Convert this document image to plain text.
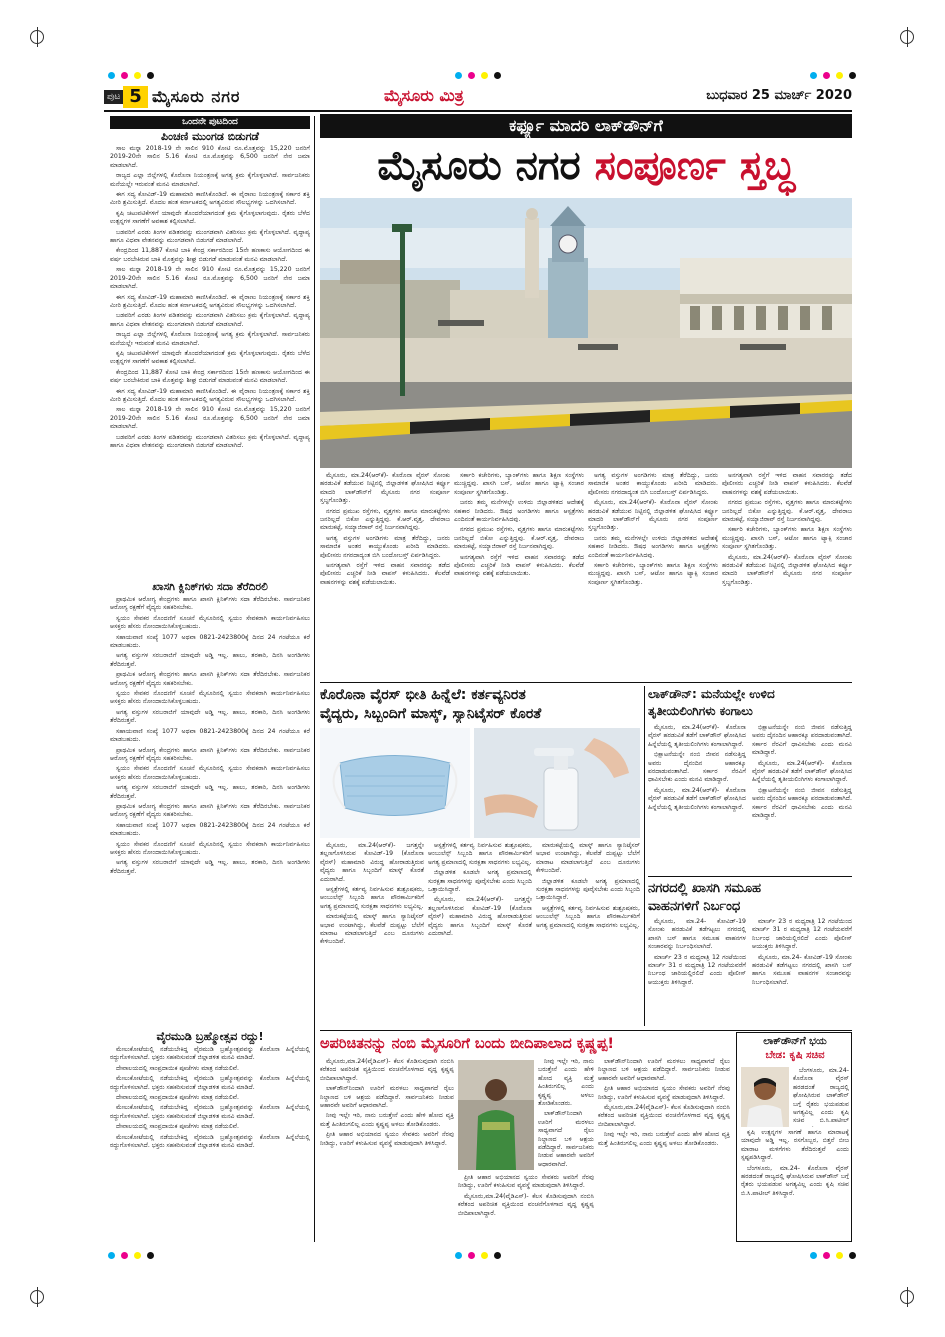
ಪುಟ 5 ಮೈಸೂರು ನಗರ	ಮೈಸೂರು ಮಿತ್ರ	ಬುಧವಾರ 25 ಮಾರ್ಚ್ 2020
ಒಂದನೇ ಪುಟದಿಂದ
ಪಿಂಚಣಿ ಮುಂಗಡ ಬಿಡುಗಡೆ

ಸಾಲ ಮನ್ನಾ 2018-19 ನೇ ಸಾಲಿನ 910 ಕೋಟಿ ರೂ.ಮೊತ್ತವನ್ನು 15,220 ಜನರಿಗೆ 2019-20ನೇ ಸಾಲಿನ 5.16 ಕೋಟಿ ರೂ.ಮೊತ್ತವನ್ನು 6,500 ಜನರಿಗೆ ನೇರ ಜಮಾ ಮಾಡಲಾಗಿದೆ.

ರಾಜ್ಯದ ಎಲ್ಲಾ ಜಿಲ್ಲೆಗಳಲ್ಲಿ ಕೊರೊನಾ ನಿಯಂತ್ರಣಕ್ಕೆ ಅಗತ್ಯ ಕ್ರಮ ಕೈಗೊಳ್ಳಲಾಗಿದೆ. ಸಾರ್ವಜನಿಕರು ಮನೆಯಲ್ಲೇ ಇರುವಂತೆ ಮನವಿ ಮಾಡಲಾಗಿದೆ.

ಈಗ ಸದ್ಯ ಕೋವಿಡ್-19 ಮಹಾಮಾರಿ ಕಾಣಿಸಿಕೊಂಡಿದೆ. ಈ ವೈರಾಣು ನಿಯಂತ್ರಣಕ್ಕೆ ಸರ್ಕಾರ ಶಕ್ತಿ ಮೀರಿ ಶ್ರಮಿಸುತ್ತಿದೆ. ಮೊದಲ ಹಂತ ಕರ್ನಾಟಕದಲ್ಲಿ ಅಗತ್ಯವಿರುವ ಸೌಲಭ್ಯಗಳನ್ನು ಒದಗಿಸಲಾಗಿದೆ.

ಕೃಷಿ ಚಟುವಟಿಕೆಗಳಿಗೆ ಯಾವುದೇ ತೊಂದರೆಯಾಗದಂತೆ ಕ್ರಮ ಕೈಗೊಳ್ಳಲಾಗುವುದು. ರೈತರು ಬೆಳೆದ ಉತ್ಪನ್ನಗಳ ಸಾಗಣೆಗೆ ಅವಕಾಶ ಕಲ್ಪಿಸಲಾಗಿದೆ.

ಬಡವರಿಗೆ ಎರಡು ತಿಂಗಳ ಪಡಿತರವನ್ನು ಮುಂಗಡವಾಗಿ ವಿತರಿಸಲು ಕ್ರಮ ಕೈಗೊಳ್ಳಲಾಗಿದೆ. ವೃದ್ಧಾಪ್ಯ ಹಾಗೂ ವಿಧವಾ ವೇತನವನ್ನು ಮುಂಗಡವಾಗಿ ಬಿಡುಗಡೆ ಮಾಡಲಾಗಿದೆ.

ಕೇಂದ್ರದಿಂದ 11,887 ಕೋಟಿ ಬಾಕಿ ಕೇಂದ್ರ ಸರ್ಕಾರದಿಂದ 15ನೇ ಹಣಕಾಸು ಆಯೋಗದಿಂದ ಈ ವರ್ಷ ಬರಬೇಕಿರುವ ಬಾಕಿ ಮೊತ್ತವನ್ನು ಶೀಘ್ರ ಬಿಡುಗಡೆ ಮಾಡುವಂತೆ ಮನವಿ ಮಾಡಲಾಗಿದೆ.

ಸಾಲ ಮನ್ನಾ 2018-19 ನೇ ಸಾಲಿನ 910 ಕೋಟಿ ರೂ.ಮೊತ್ತವನ್ನು 15,220 ಜನರಿಗೆ 2019-20ನೇ ಸಾಲಿನ 5.16 ಕೋಟಿ ರೂ.ಮೊತ್ತವನ್ನು 6,500 ಜನರಿಗೆ ನೇರ ಜಮಾ ಮಾಡಲಾಗಿದೆ.

ಈಗ ಸದ್ಯ ಕೋವಿಡ್-19 ಮಹಾಮಾರಿ ಕಾಣಿಸಿಕೊಂಡಿದೆ. ಈ ವೈರಾಣು ನಿಯಂತ್ರಣಕ್ಕೆ ಸರ್ಕಾರ ಶಕ್ತಿ ಮೀರಿ ಶ್ರಮಿಸುತ್ತಿದೆ. ಮೊದಲ ಹಂತ ಕರ್ನಾಟಕದಲ್ಲಿ ಅಗತ್ಯವಿರುವ ಸೌಲಭ್ಯಗಳನ್ನು ಒದಗಿಸಲಾಗಿದೆ.

ಬಡವರಿಗೆ ಎರಡು ತಿಂಗಳ ಪಡಿತರವನ್ನು ಮುಂಗಡವಾಗಿ ವಿತರಿಸಲು ಕ್ರಮ ಕೈಗೊಳ್ಳಲಾಗಿದೆ. ವೃದ್ಧಾಪ್ಯ ಹಾಗೂ ವಿಧವಾ ವೇತನವನ್ನು ಮುಂಗಡವಾಗಿ ಬಿಡುಗಡೆ ಮಾಡಲಾಗಿದೆ.

ರಾಜ್ಯದ ಎಲ್ಲಾ ಜಿಲ್ಲೆಗಳಲ್ಲಿ ಕೊರೊನಾ ನಿಯಂತ್ರಣಕ್ಕೆ ಅಗತ್ಯ ಕ್ರಮ ಕೈಗೊಳ್ಳಲಾಗಿದೆ. ಸಾರ್ವಜನಿಕರು ಮನೆಯಲ್ಲೇ ಇರುವಂತೆ ಮನವಿ ಮಾಡಲಾಗಿದೆ.

ಕೃಷಿ ಚಟುವಟಿಕೆಗಳಿಗೆ ಯಾವುದೇ ತೊಂದರೆಯಾಗದಂತೆ ಕ್ರಮ ಕೈಗೊಳ್ಳಲಾಗುವುದು. ರೈತರು ಬೆಳೆದ ಉತ್ಪನ್ನಗಳ ಸಾಗಣೆಗೆ ಅವಕಾಶ ಕಲ್ಪಿಸಲಾಗಿದೆ.

ಕೇಂದ್ರದಿಂದ 11,887 ಕೋಟಿ ಬಾಕಿ ಕೇಂದ್ರ ಸರ್ಕಾರದಿಂದ 15ನೇ ಹಣಕಾಸು ಆಯೋಗದಿಂದ ಈ ವರ್ಷ ಬರಬೇಕಿರುವ ಬಾಕಿ ಮೊತ್ತವನ್ನು ಶೀಘ್ರ ಬಿಡುಗಡೆ ಮಾಡುವಂತೆ ಮನವಿ ಮಾಡಲಾಗಿದೆ.

ಈಗ ಸದ್ಯ ಕೋವಿಡ್-19 ಮಹಾಮಾರಿ ಕಾಣಿಸಿಕೊಂಡಿದೆ. ಈ ವೈರಾಣು ನಿಯಂತ್ರಣಕ್ಕೆ ಸರ್ಕಾರ ಶಕ್ತಿ ಮೀರಿ ಶ್ರಮಿಸುತ್ತಿದೆ. ಮೊದಲ ಹಂತ ಕರ್ನಾಟಕದಲ್ಲಿ ಅಗತ್ಯವಿರುವ ಸೌಲಭ್ಯಗಳನ್ನು ಒದಗಿಸಲಾಗಿದೆ.

ಸಾಲ ಮನ್ನಾ 2018-19 ನೇ ಸಾಲಿನ 910 ಕೋಟಿ ರೂ.ಮೊತ್ತವನ್ನು 15,220 ಜನರಿಗೆ 2019-20ನೇ ಸಾಲಿನ 5.16 ಕೋಟಿ ರೂ.ಮೊತ್ತವನ್ನು 6,500 ಜನರಿಗೆ ನೇರ ಜಮಾ ಮಾಡಲಾಗಿದೆ.

ಬಡವರಿಗೆ ಎರಡು ತಿಂಗಳ ಪಡಿತರವನ್ನು ಮುಂಗಡವಾಗಿ ವಿತರಿಸಲು ಕ್ರಮ ಕೈಗೊಳ್ಳಲಾಗಿದೆ. ವೃದ್ಧಾಪ್ಯ ಹಾಗೂ ವಿಧವಾ ವೇತನವನ್ನು ಮುಂಗಡವಾಗಿ ಬಿಡುಗಡೆ ಮಾಡಲಾಗಿದೆ.

ಖಾಸಗಿ ಕ್ಲಿನಿಕ್‌ಗಳು ಸದಾ ತೆರೆದಿರಲಿ

ಪ್ರಾಥಮಿಕ ಆರೋಗ್ಯ ಕೇಂದ್ರಗಳು ಹಾಗೂ ಖಾಸಗಿ ಕ್ಲಿನಿಕ್‌ಗಳು ಸದಾ ತೆರೆದಿರಬೇಕು. ಸಾರ್ವಜನಿಕರ ಆರೋಗ್ಯ ರಕ್ಷಣೆಗೆ ವೈದ್ಯರು ಸಹಕರಿಸಬೇಕು.

ಸ್ವಯಂ ಸೇವಕರ ನೊಂದಣಿಗೆ ಸೂಚನೆ ಮೈಸೂರಿನಲ್ಲಿ ಸ್ವಯಂ ಸೇವಕರಾಗಿ ಕಾರ್ಯನಿರ್ವಹಿಸಲು ಆಸಕ್ತರು ಹೆಸರು ನೋಂದಾಯಿಸಿಕೊಳ್ಳಬಹುದು.

ಸಹಾಯವಾಣಿ ಸಂಖ್ಯೆ 1077 ಅಥವಾ 0821-2423800ಕ್ಕೆ ದಿನದ 24 ಗಂಟೆಯೂ ಕರೆ ಮಾಡಬಹುದು.

ಅಗತ್ಯ ವಸ್ತುಗಳ ಸರಬರಾಜಿಗೆ ಯಾವುದೇ ಅಡ್ಡಿ ಇಲ್ಲ. ಹಾಲು, ತರಕಾರಿ, ದಿನಸಿ ಅಂಗಡಿಗಳು ತೆರೆದಿರುತ್ತವೆ.

ಪ್ರಾಥಮಿಕ ಆರೋಗ್ಯ ಕೇಂದ್ರಗಳು ಹಾಗೂ ಖಾಸಗಿ ಕ್ಲಿನಿಕ್‌ಗಳು ಸದಾ ತೆರೆದಿರಬೇಕು. ಸಾರ್ವಜನಿಕರ ಆರೋಗ್ಯ ರಕ್ಷಣೆಗೆ ವೈದ್ಯರು ಸಹಕರಿಸಬೇಕು.

ಸ್ವಯಂ ಸೇವಕರ ನೊಂದಣಿಗೆ ಸೂಚನೆ ಮೈಸೂರಿನಲ್ಲಿ ಸ್ವಯಂ ಸೇವಕರಾಗಿ ಕಾರ್ಯನಿರ್ವಹಿಸಲು ಆಸಕ್ತರು ಹೆಸರು ನೋಂದಾಯಿಸಿಕೊಳ್ಳಬಹುದು.

ಅಗತ್ಯ ವಸ್ತುಗಳ ಸರಬರಾಜಿಗೆ ಯಾವುದೇ ಅಡ್ಡಿ ಇಲ್ಲ. ಹಾಲು, ತರಕಾರಿ, ದಿನಸಿ ಅಂಗಡಿಗಳು ತೆರೆದಿರುತ್ತವೆ.

ಸಹಾಯವಾಣಿ ಸಂಖ್ಯೆ 1077 ಅಥವಾ 0821-2423800ಕ್ಕೆ ದಿನದ 24 ಗಂಟೆಯೂ ಕರೆ ಮಾಡಬಹುದು.

ಪ್ರಾಥಮಿಕ ಆರೋಗ್ಯ ಕೇಂದ್ರಗಳು ಹಾಗೂ ಖಾಸಗಿ ಕ್ಲಿನಿಕ್‌ಗಳು ಸದಾ ತೆರೆದಿರಬೇಕು. ಸಾರ್ವಜನಿಕರ ಆರೋಗ್ಯ ರಕ್ಷಣೆಗೆ ವೈದ್ಯರು ಸಹಕರಿಸಬೇಕು.

ಸ್ವಯಂ ಸೇವಕರ ನೊಂದಣಿಗೆ ಸೂಚನೆ ಮೈಸೂರಿನಲ್ಲಿ ಸ್ವಯಂ ಸೇವಕರಾಗಿ ಕಾರ್ಯನಿರ್ವಹಿಸಲು ಆಸಕ್ತರು ಹೆಸರು ನೋಂದಾಯಿಸಿಕೊಳ್ಳಬಹುದು.

ಅಗತ್ಯ ವಸ್ತುಗಳ ಸರಬರಾಜಿಗೆ ಯಾವುದೇ ಅಡ್ಡಿ ಇಲ್ಲ. ಹಾಲು, ತರಕಾರಿ, ದಿನಸಿ ಅಂಗಡಿಗಳು ತೆರೆದಿರುತ್ತವೆ.

ಪ್ರಾಥಮಿಕ ಆರೋಗ್ಯ ಕೇಂದ್ರಗಳು ಹಾಗೂ ಖಾಸಗಿ ಕ್ಲಿನಿಕ್‌ಗಳು ಸದಾ ತೆರೆದಿರಬೇಕು. ಸಾರ್ವಜನಿಕರ ಆರೋಗ್ಯ ರಕ್ಷಣೆಗೆ ವೈದ್ಯರು ಸಹಕರಿಸಬೇಕು.

ಸಹಾಯವಾಣಿ ಸಂಖ್ಯೆ 1077 ಅಥವಾ 0821-2423800ಕ್ಕೆ ದಿನದ 24 ಗಂಟೆಯೂ ಕರೆ ಮಾಡಬಹುದು.

ಸ್ವಯಂ ಸೇವಕರ ನೊಂದಣಿಗೆ ಸೂಚನೆ ಮೈಸೂರಿನಲ್ಲಿ ಸ್ವಯಂ ಸೇವಕರಾಗಿ ಕಾರ್ಯನಿರ್ವಹಿಸಲು ಆಸಕ್ತರು ಹೆಸರು ನೋಂದಾಯಿಸಿಕೊಳ್ಳಬಹುದು.

ಅಗತ್ಯ ವಸ್ತುಗಳ ಸರಬರಾಜಿಗೆ ಯಾವುದೇ ಅಡ್ಡಿ ಇಲ್ಲ. ಹಾಲು, ತರಕಾರಿ, ದಿನಸಿ ಅಂಗಡಿಗಳು ತೆರೆದಿರುತ್ತವೆ.

ವೈರಮುಡಿ ಬ್ರಹ್ಮೋತ್ಸವ ರದ್ದು!

ಮೇಲುಕೋಟೆಯಲ್ಲಿ ನಡೆಯಬೇಕಿದ್ದ ವೈರಮುಡಿ ಬ್ರಹ್ಮೋತ್ಸವವನ್ನು ಕೊರೊನಾ ಹಿನ್ನೆಲೆಯಲ್ಲಿ ರದ್ದುಗೊಳಿಸಲಾಗಿದೆ. ಭಕ್ತರು ಸಹಕರಿಸುವಂತೆ ಜಿಲ್ಲಾಡಳಿತ ಮನವಿ ಮಾಡಿದೆ.

ದೇವಾಲಯದಲ್ಲಿ ಸಾಂಪ್ರದಾಯಿಕ ಪೂಜೆಗಳು ಮಾತ್ರ ನಡೆಯಲಿವೆ.

ಮೇಲುಕೋಟೆಯಲ್ಲಿ ನಡೆಯಬೇಕಿದ್ದ ವೈರಮುಡಿ ಬ್ರಹ್ಮೋತ್ಸವವನ್ನು ಕೊರೊನಾ ಹಿನ್ನೆಲೆಯಲ್ಲಿ ರದ್ದುಗೊಳಿಸಲಾಗಿದೆ. ಭಕ್ತರು ಸಹಕರಿಸುವಂತೆ ಜಿಲ್ಲಾಡಳಿತ ಮನವಿ ಮಾಡಿದೆ.

ದೇವಾಲಯದಲ್ಲಿ ಸಾಂಪ್ರದಾಯಿಕ ಪೂಜೆಗಳು ಮಾತ್ರ ನಡೆಯಲಿವೆ.

ಮೇಲುಕೋಟೆಯಲ್ಲಿ ನಡೆಯಬೇಕಿದ್ದ ವೈರಮುಡಿ ಬ್ರಹ್ಮೋತ್ಸವವನ್ನು ಕೊರೊನಾ ಹಿನ್ನೆಲೆಯಲ್ಲಿ ರದ್ದುಗೊಳಿಸಲಾಗಿದೆ. ಭಕ್ತರು ಸಹಕರಿಸುವಂತೆ ಜಿಲ್ಲಾಡಳಿತ ಮನವಿ ಮಾಡಿದೆ.

ದೇವಾಲಯದಲ್ಲಿ ಸಾಂಪ್ರದಾಯಿಕ ಪೂಜೆಗಳು ಮಾತ್ರ ನಡೆಯಲಿವೆ.

ಮೇಲುಕೋಟೆಯಲ್ಲಿ ನಡೆಯಬೇಕಿದ್ದ ವೈರಮುಡಿ ಬ್ರಹ್ಮೋತ್ಸವವನ್ನು ಕೊರೊನಾ ಹಿನ್ನೆಲೆಯಲ್ಲಿ ರದ್ದುಗೊಳಿಸಲಾಗಿದೆ. ಭಕ್ತರು ಸಹಕರಿಸುವಂತೆ ಜಿಲ್ಲಾಡಳಿತ ಮನವಿ ಮಾಡಿದೆ.

ಕರ್ಫ್ಯೂ ಮಾದರಿ ಲಾಕ್‌ಡೌನ್‌ಗೆ
ಮೈಸೂರು ನಗರ ಸಂಪೂರ್ಣ ಸ್ತಬ್ಧ

ಮೈಸೂರು, ಮಾ.24(ಆರ್‌ಕೆ)- ಕೊರೊನಾ ವೈರಸ್ ಸೋಂಕು ಹರಡುವಿಕೆ ತಡೆಯುವ ನಿಟ್ಟಿನಲ್ಲಿ ಜಿಲ್ಲಾಡಳಿತ ಘೋಷಿಸಿದ ಕರ್ಫ್ಯೂ ಮಾದರಿ ಲಾಕ್‌ಡೌನ್‌ಗೆ ಮೈಸೂರು ನಗರ ಸಂಪೂರ್ಣ ಸ್ತಬ್ಧಗೊಂಡಿತ್ತು.

ನಗರದ ಪ್ರಮುಖ ರಸ್ತೆಗಳು, ವೃತ್ತಗಳು ಹಾಗೂ ಮಾರುಕಟ್ಟೆಗಳು ಜನರಿಲ್ಲದೆ ಬಿಕೋ ಎನ್ನುತ್ತಿದ್ದವು. ಕೆ.ಆರ್.ವೃತ್ತ, ದೇವರಾಜ ಮಾರುಕಟ್ಟೆ, ಸಯ್ಯಾಜಿರಾವ್ ರಸ್ತೆ ನಿರ್ಜನವಾಗಿದ್ದವು.

ಅಗತ್ಯ ವಸ್ತುಗಳ ಅಂಗಡಿಗಳು ಮಾತ್ರ ತೆರೆದಿದ್ದು, ಜನರು ಸಾಮಾಜಿಕ ಅಂತರ ಕಾಯ್ದುಕೊಂಡು ಖರೀದಿ ಮಾಡಿದರು. ಪೊಲೀಸರು ನಗರದಾದ್ಯಂತ ಬಿಗಿ ಬಂದೋಬಸ್ತ್ ಏರ್ಪಡಿಸಿದ್ದರು.

ಅನಗತ್ಯವಾಗಿ ರಸ್ತೆಗೆ ಇಳಿದ ವಾಹನ ಸವಾರರನ್ನು ತಡೆದ ಪೊಲೀಸರು ಎಚ್ಚರಿಕೆ ನೀಡಿ ವಾಪಸ್ ಕಳುಹಿಸಿದರು. ಕೆಲವೆಡೆ ವಾಹನಗಳನ್ನು ವಶಕ್ಕೆ ಪಡೆಯಲಾಯಿತು.

ಸರ್ಕಾರಿ ಕಚೇರಿಗಳು, ಬ್ಯಾಂಕ್‌ಗಳು ಹಾಗೂ ಶಿಕ್ಷಣ ಸಂಸ್ಥೆಗಳು ಮುಚ್ಚಿದ್ದವು. ಖಾಸಗಿ ಬಸ್, ಆಟೋ ಹಾಗೂ ಟ್ಯಾಕ್ಸಿ ಸಂಚಾರ ಸಂಪೂರ್ಣ ಸ್ಥಗಿತಗೊಂಡಿತ್ತು.

ಜನರು ತಮ್ಮ ಮನೆಗಳಲ್ಲೇ ಉಳಿದು ಜಿಲ್ಲಾಡಳಿತದ ಆದೇಶಕ್ಕೆ ಸಹಕಾರ ನೀಡಿದರು. ಔಷಧ ಅಂಗಡಿಗಳು ಹಾಗೂ ಆಸ್ಪತ್ರೆಗಳು ಎಂದಿನಂತೆ ಕಾರ್ಯನಿರ್ವಹಿಸಿದವು.

ನಗರದ ಪ್ರಮುಖ ರಸ್ತೆಗಳು, ವೃತ್ತಗಳು ಹಾಗೂ ಮಾರುಕಟ್ಟೆಗಳು ಜನರಿಲ್ಲದೆ ಬಿಕೋ ಎನ್ನುತ್ತಿದ್ದವು. ಕೆ.ಆರ್.ವೃತ್ತ, ದೇವರಾಜ ಮಾರುಕಟ್ಟೆ, ಸಯ್ಯಾಜಿರಾವ್ ರಸ್ತೆ ನಿರ್ಜನವಾಗಿದ್ದವು.

ಅನಗತ್ಯವಾಗಿ ರಸ್ತೆಗೆ ಇಳಿದ ವಾಹನ ಸವಾರರನ್ನು ತಡೆದ ಪೊಲೀಸರು ಎಚ್ಚರಿಕೆ ನೀಡಿ ವಾಪಸ್ ಕಳುಹಿಸಿದರು. ಕೆಲವೆಡೆ ವಾಹನಗಳನ್ನು ವಶಕ್ಕೆ ಪಡೆಯಲಾಯಿತು.

ಅಗತ್ಯ ವಸ್ತುಗಳ ಅಂಗಡಿಗಳು ಮಾತ್ರ ತೆರೆದಿದ್ದು, ಜನರು ಸಾಮಾಜಿಕ ಅಂತರ ಕಾಯ್ದುಕೊಂಡು ಖರೀದಿ ಮಾಡಿದರು. ಪೊಲೀಸರು ನಗರದಾದ್ಯಂತ ಬಿಗಿ ಬಂದೋಬಸ್ತ್ ಏರ್ಪಡಿಸಿದ್ದರು.

ಮೈಸೂರು, ಮಾ.24(ಆರ್‌ಕೆ)- ಕೊರೊನಾ ವೈರಸ್ ಸೋಂಕು ಹರಡುವಿಕೆ ತಡೆಯುವ ನಿಟ್ಟಿನಲ್ಲಿ ಜಿಲ್ಲಾಡಳಿತ ಘೋಷಿಸಿದ ಕರ್ಫ್ಯೂ ಮಾದರಿ ಲಾಕ್‌ಡೌನ್‌ಗೆ ಮೈಸೂರು ನಗರ ಸಂಪೂರ್ಣ ಸ್ತಬ್ಧಗೊಂಡಿತ್ತು.

ಜನರು ತಮ್ಮ ಮನೆಗಳಲ್ಲೇ ಉಳಿದು ಜಿಲ್ಲಾಡಳಿತದ ಆದೇಶಕ್ಕೆ ಸಹಕಾರ ನೀಡಿದರು. ಔಷಧ ಅಂಗಡಿಗಳು ಹಾಗೂ ಆಸ್ಪತ್ರೆಗಳು ಎಂದಿನಂತೆ ಕಾರ್ಯನಿರ್ವಹಿಸಿದವು.

ಸರ್ಕಾರಿ ಕಚೇರಿಗಳು, ಬ್ಯಾಂಕ್‌ಗಳು ಹಾಗೂ ಶಿಕ್ಷಣ ಸಂಸ್ಥೆಗಳು ಮುಚ್ಚಿದ್ದವು. ಖಾಸಗಿ ಬಸ್, ಆಟೋ ಹಾಗೂ ಟ್ಯಾಕ್ಸಿ ಸಂಚಾರ ಸಂಪೂರ್ಣ ಸ್ಥಗಿತಗೊಂಡಿತ್ತು.

ಅನಗತ್ಯವಾಗಿ ರಸ್ತೆಗೆ ಇಳಿದ ವಾಹನ ಸವಾರರನ್ನು ತಡೆದ ಪೊಲೀಸರು ಎಚ್ಚರಿಕೆ ನೀಡಿ ವಾಪಸ್ ಕಳುಹಿಸಿದರು. ಕೆಲವೆಡೆ ವಾಹನಗಳನ್ನು ವಶಕ್ಕೆ ಪಡೆಯಲಾಯಿತು.

ನಗರದ ಪ್ರಮುಖ ರಸ್ತೆಗಳು, ವೃತ್ತಗಳು ಹಾಗೂ ಮಾರುಕಟ್ಟೆಗಳು ಜನರಿಲ್ಲದೆ ಬಿಕೋ ಎನ್ನುತ್ತಿದ್ದವು. ಕೆ.ಆರ್.ವೃತ್ತ, ದೇವರಾಜ ಮಾರುಕಟ್ಟೆ, ಸಯ್ಯಾಜಿರಾವ್ ರಸ್ತೆ ನಿರ್ಜನವಾಗಿದ್ದವು.

ಸರ್ಕಾರಿ ಕಚೇರಿಗಳು, ಬ್ಯಾಂಕ್‌ಗಳು ಹಾಗೂ ಶಿಕ್ಷಣ ಸಂಸ್ಥೆಗಳು ಮುಚ್ಚಿದ್ದವು. ಖಾಸಗಿ ಬಸ್, ಆಟೋ ಹಾಗೂ ಟ್ಯಾಕ್ಸಿ ಸಂಚಾರ ಸಂಪೂರ್ಣ ಸ್ಥಗಿತಗೊಂಡಿತ್ತು.

ಮೈಸೂರು, ಮಾ.24(ಆರ್‌ಕೆ)- ಕೊರೊನಾ ವೈರಸ್ ಸೋಂಕು ಹರಡುವಿಕೆ ತಡೆಯುವ ನಿಟ್ಟಿನಲ್ಲಿ ಜಿಲ್ಲಾಡಳಿತ ಘೋಷಿಸಿದ ಕರ್ಫ್ಯೂ ಮಾದರಿ ಲಾಕ್‌ಡೌನ್‌ಗೆ ಮೈಸೂರು ನಗರ ಸಂಪೂರ್ಣ ಸ್ತಬ್ಧಗೊಂಡಿತ್ತು.

ಕೊರೊನಾ ವೈರಸ್ ಭೀತಿ ಹಿನ್ನೆಲೆ: ಕರ್ತವ್ಯನಿರತ
ವೈದ್ಯರು, ಸಿಬ್ಬಂದಿಗೆ ಮಾಸ್ಕ್, ಸ್ಯಾನಿಟೈಸರ್ ಕೊರತೆ

ಮೈಸೂರು, ಮಾ.24(ಆರ್‌ಕೆ)- ಜಗತ್ತನ್ನೇ ತಲ್ಲಣಗೊಳಿಸಿರುವ ಕೋವಿಡ್-19 (ಕೊರೊನಾ ವೈರಸ್) ಮಹಾಮಾರಿ ವಿರುದ್ಧ ಹೋರಾಡುತ್ತಿರುವ ವೈದ್ಯರು ಹಾಗೂ ಸಿಬ್ಬಂದಿಗೆ ಮಾಸ್ಕ್ ಕೊರತೆ ಎದುರಾಗಿದೆ.

ಆಸ್ಪತ್ರೆಗಳಲ್ಲಿ ಕರ್ತವ್ಯ ನಿರ್ವಹಿಸುವ ಶುಶ್ರೂಷಕರು, ಆಂಬುಲೆನ್ಸ್ ಸಿಬ್ಬಂದಿ ಹಾಗೂ ಪೌರಕಾರ್ಮಿಕರಿಗೆ ಅಗತ್ಯ ಪ್ರಮಾಣದಲ್ಲಿ ಸುರಕ್ಷತಾ ಸಾಧನಗಳು ಲಭ್ಯವಿಲ್ಲ.

ಮಾರುಕಟ್ಟೆಯಲ್ಲಿ ಮಾಸ್ಕ್ ಹಾಗೂ ಸ್ಯಾನಿಟೈಸರ್ ಅಭಾವ ಉಂಟಾಗಿದ್ದು, ಕೆಲವೆಡೆ ದುಪ್ಪಟ್ಟು ಬೆಲೆಗೆ ಮಾರಾಟ ಮಾಡಲಾಗುತ್ತಿದೆ ಎಂಬ ದೂರುಗಳು ಕೇಳಿಬಂದಿವೆ.

ಆಸ್ಪತ್ರೆಗಳಲ್ಲಿ ಕರ್ತವ್ಯ ನಿರ್ವಹಿಸುವ ಶುಶ್ರೂಷಕರು, ಆಂಬುಲೆನ್ಸ್ ಸಿಬ್ಬಂದಿ ಹಾಗೂ ಪೌರಕಾರ್ಮಿಕರಿಗೆ ಅಗತ್ಯ ಪ್ರಮಾಣದಲ್ಲಿ ಸುರಕ್ಷತಾ ಸಾಧನಗಳು ಲಭ್ಯವಿಲ್ಲ.

ಜಿಲ್ಲಾಡಳಿತ ಕೂಡಲೇ ಅಗತ್ಯ ಪ್ರಮಾಣದಲ್ಲಿ ಸುರಕ್ಷತಾ ಸಾಧನಗಳನ್ನು ಪೂರೈಸಬೇಕು ಎಂದು ಸಿಬ್ಬಂದಿ ಒತ್ತಾಯಿಸಿದ್ದಾರೆ.

ಮೈಸೂರು, ಮಾ.24(ಆರ್‌ಕೆ)- ಜಗತ್ತನ್ನೇ ತಲ್ಲಣಗೊಳಿಸಿರುವ ಕೋವಿಡ್-19 (ಕೊರೊನಾ ವೈರಸ್) ಮಹಾಮಾರಿ ವಿರುದ್ಧ ಹೋರಾಡುತ್ತಿರುವ ವೈದ್ಯರು ಹಾಗೂ ಸಿಬ್ಬಂದಿಗೆ ಮಾಸ್ಕ್ ಕೊರತೆ ಎದುರಾಗಿದೆ.

ಮಾರುಕಟ್ಟೆಯಲ್ಲಿ ಮಾಸ್ಕ್ ಹಾಗೂ ಸ್ಯಾನಿಟೈಸರ್ ಅಭಾವ ಉಂಟಾಗಿದ್ದು, ಕೆಲವೆಡೆ ದುಪ್ಪಟ್ಟು ಬೆಲೆಗೆ ಮಾರಾಟ ಮಾಡಲಾಗುತ್ತಿದೆ ಎಂಬ ದೂರುಗಳು ಕೇಳಿಬಂದಿವೆ.

ಜಿಲ್ಲಾಡಳಿತ ಕೂಡಲೇ ಅಗತ್ಯ ಪ್ರಮಾಣದಲ್ಲಿ ಸುರಕ್ಷತಾ ಸಾಧನಗಳನ್ನು ಪೂರೈಸಬೇಕು ಎಂದು ಸಿಬ್ಬಂದಿ ಒತ್ತಾಯಿಸಿದ್ದಾರೆ.

ಆಸ್ಪತ್ರೆಗಳಲ್ಲಿ ಕರ್ತವ್ಯ ನಿರ್ವಹಿಸುವ ಶುಶ್ರೂಷಕರು, ಆಂಬುಲೆನ್ಸ್ ಸಿಬ್ಬಂದಿ ಹಾಗೂ ಪೌರಕಾರ್ಮಿಕರಿಗೆ ಅಗತ್ಯ ಪ್ರಮಾಣದಲ್ಲಿ ಸುರಕ್ಷತಾ ಸಾಧನಗಳು ಲಭ್ಯವಿಲ್ಲ.

ಲಾಕ್‌ಡೌನ್: ಮನೆಯಲ್ಲೇ ಉಳಿದ
ತೃತೀಯಲಿಂಗಿಗಳು ಕಂಗಾಲು

ಮೈಸೂರು, ಮಾ.24(ಆರ್‌ಕೆ)- ಕೊರೊನಾ ವೈರಸ್ ಹರಡುವಿಕೆ ತಡೆಗೆ ಲಾಕ್‌ಡೌನ್ ಘೋಷಿಸಿದ ಹಿನ್ನೆಲೆಯಲ್ಲಿ ತೃತೀಯಲಿಂಗಿಗಳು ಕಂಗಾಲಾಗಿದ್ದಾರೆ.

ಭಿಕ್ಷಾಟನೆಯನ್ನೇ ನಂಬಿ ಜೀವನ ನಡೆಸುತ್ತಿದ್ದ ಅವರು ದೈನಂದಿನ ಆಹಾರಕ್ಕೂ ಪರದಾಡುವಂತಾಗಿದೆ. ಸರ್ಕಾರ ನೆರವಿಗೆ ಧಾವಿಸಬೇಕು ಎಂದು ಮನವಿ ಮಾಡಿದ್ದಾರೆ.

ಮೈಸೂರು, ಮಾ.24(ಆರ್‌ಕೆ)- ಕೊರೊನಾ ವೈರಸ್ ಹರಡುವಿಕೆ ತಡೆಗೆ ಲಾಕ್‌ಡೌನ್ ಘೋಷಿಸಿದ ಹಿನ್ನೆಲೆಯಲ್ಲಿ ತೃತೀಯಲಿಂಗಿಗಳು ಕಂಗಾಲಾಗಿದ್ದಾರೆ.

ಭಿಕ್ಷಾಟನೆಯನ್ನೇ ನಂಬಿ ಜೀವನ ನಡೆಸುತ್ತಿದ್ದ ಅವರು ದೈನಂದಿನ ಆಹಾರಕ್ಕೂ ಪರದಾಡುವಂತಾಗಿದೆ. ಸರ್ಕಾರ ನೆರವಿಗೆ ಧಾವಿಸಬೇಕು ಎಂದು ಮನವಿ ಮಾಡಿದ್ದಾರೆ.

ಮೈಸೂರು, ಮಾ.24(ಆರ್‌ಕೆ)- ಕೊರೊನಾ ವೈರಸ್ ಹರಡುವಿಕೆ ತಡೆಗೆ ಲಾಕ್‌ಡೌನ್ ಘೋಷಿಸಿದ ಹಿನ್ನೆಲೆಯಲ್ಲಿ ತೃತೀಯಲಿಂಗಿಗಳು ಕಂಗಾಲಾಗಿದ್ದಾರೆ.

ಭಿಕ್ಷಾಟನೆಯನ್ನೇ ನಂಬಿ ಜೀವನ ನಡೆಸುತ್ತಿದ್ದ ಅವರು ದೈನಂದಿನ ಆಹಾರಕ್ಕೂ ಪರದಾಡುವಂತಾಗಿದೆ. ಸರ್ಕಾರ ನೆರವಿಗೆ ಧಾವಿಸಬೇಕು ಎಂದು ಮನವಿ ಮಾಡಿದ್ದಾರೆ.

ನಗರದಲ್ಲಿ ಖಾಸಗಿ ಸಮೂಹ
ವಾಹನಗಳಿಗೆ ನಿರ್ಬಂಧ

ಮೈಸೂರು, ಮಾ.24- ಕೋವಿಡ್-19 ಸೋಂಕು ಹರಡುವಿಕೆ ತಡೆಗಟ್ಟಲು ನಗರದಲ್ಲಿ ಖಾಸಗಿ ಬಸ್ ಹಾಗೂ ಸಮೂಹ ವಾಹನಗಳ ಸಂಚಾರವನ್ನು ನಿರ್ಬಂಧಿಸಲಾಗಿದೆ.

ಮಾರ್ಚ್ 23 ರ ಮಧ್ಯರಾತ್ರಿ 12 ಗಂಟೆಯಿಂದ ಮಾರ್ಚ್ 31 ರ ಮಧ್ಯರಾತ್ರಿ 12 ಗಂಟೆಯವರೆಗೆ ನಿರ್ಬಂಧ ಜಾರಿಯಲ್ಲಿರಲಿದೆ ಎಂದು ಪೊಲೀಸ್ ಆಯುಕ್ತರು ತಿಳಿಸಿದ್ದಾರೆ.

ಮಾರ್ಚ್ 23 ರ ಮಧ್ಯರಾತ್ರಿ 12 ಗಂಟೆಯಿಂದ ಮಾರ್ಚ್ 31 ರ ಮಧ್ಯರಾತ್ರಿ 12 ಗಂಟೆಯವರೆಗೆ ನಿರ್ಬಂಧ ಜಾರಿಯಲ್ಲಿರಲಿದೆ ಎಂದು ಪೊಲೀಸ್ ಆಯುಕ್ತರು ತಿಳಿಸಿದ್ದಾರೆ.

ಮೈಸೂರು, ಮಾ.24- ಕೋವಿಡ್-19 ಸೋಂಕು ಹರಡುವಿಕೆ ತಡೆಗಟ್ಟಲು ನಗರದಲ್ಲಿ ಖಾಸಗಿ ಬಸ್ ಹಾಗೂ ಸಮೂಹ ವಾಹನಗಳ ಸಂಚಾರವನ್ನು ನಿರ್ಬಂಧಿಸಲಾಗಿದೆ.

ಅಪರಿಚಿತನನ್ನು ನಂಬಿ ಮೈಸೂರಿಗೆ ಬಂದು ಬೀದಿಪಾಲಾದ ಕೃಷ್ಣಪ್ಪ!

ಮೈಸೂರು,ಮಾ.24(ವೈಡಿಎಸ್)- ಕೆಲಸ ಕೊಡಿಸುವುದಾಗಿ ನಂಬಿಸಿ ಕರೆತಂದ ಅಪರಿಚಿತ ವ್ಯಕ್ತಿಯಿಂದ ವಂಚನೆಗೊಳಗಾದ ವೃದ್ಧ ಕೃಷ್ಣಪ್ಪ ಬೀದಿಪಾಲಾಗಿದ್ದಾರೆ.

ಲಾಕ್‌ಡೌನ್‌ನಿಂದಾಗಿ ಊರಿಗೆ ಮರಳಲು ಸಾಧ್ಯವಾಗದೆ ರೈಲು ನಿಲ್ದಾಣದ ಬಳಿ ಆಶ್ರಯ ಪಡೆದಿದ್ದಾರೆ. ಸಾರ್ವಜನಿಕರು ನೀಡುವ ಆಹಾರವೇ ಅವರಿಗೆ ಆಧಾರವಾಗಿದೆ.

ನೀವು ಇಲ್ಲೇ ಇರಿ, ನಾನು ಬರುತ್ತೇನೆ ಎಂದು ಹೇಳಿ ಹೋದ ವ್ಯಕ್ತಿ ಮತ್ತೆ ಹಿಂತಿರುಗಲಿಲ್ಲ ಎಂದು ಕೃಷ್ಣಪ್ಪ ಅಳಲು ತೋಡಿಕೊಂಡರು.

ಪ್ರೀತಿ ಆಹಾರ ಅಭಿಯಾನದ ಸ್ವಯಂ ಸೇವಕರು ಅವರಿಗೆ ನೆರವು ನೀಡಿದ್ದು, ಊರಿಗೆ ಕಳುಹಿಸುವ ವ್ಯವಸ್ಥೆ ಮಾಡುವುದಾಗಿ ತಿಳಿಸಿದ್ದಾರೆ.

ನೀವು ಇಲ್ಲೇ ಇರಿ, ನಾನು ಬರುತ್ತೇನೆ ಎಂದು ಹೇಳಿ ಹೋದ ವ್ಯಕ್ತಿ ಮತ್ತೆ ಹಿಂತಿರುಗಲಿಲ್ಲ ಎಂದು ಕೃಷ್ಣಪ್ಪ ಅಳಲು ತೋಡಿಕೊಂಡರು.

ಲಾಕ್‌ಡೌನ್‌ನಿಂದಾಗಿ ಊರಿಗೆ ಮರಳಲು ಸಾಧ್ಯವಾಗದೆ ರೈಲು ನಿಲ್ದಾಣದ ಬಳಿ ಆಶ್ರಯ ಪಡೆದಿದ್ದಾರೆ. ಸಾರ್ವಜನಿಕರು ನೀಡುವ ಆಹಾರವೇ ಅವರಿಗೆ ಆಧಾರವಾಗಿದೆ.

ಪ್ರೀತಿ ಆಹಾರ ಅಭಿಯಾನದ ಸ್ವಯಂ ಸೇವಕರು ಅವರಿಗೆ ನೆರವು ನೀಡಿದ್ದು, ಊರಿಗೆ ಕಳುಹಿಸುವ ವ್ಯವಸ್ಥೆ ಮಾಡುವುದಾಗಿ ತಿಳಿಸಿದ್ದಾರೆ.

ಮೈಸೂರು,ಮಾ.24(ವೈಡಿಎಸ್)- ಕೆಲಸ ಕೊಡಿಸುವುದಾಗಿ ನಂಬಿಸಿ ಕರೆತಂದ ಅಪರಿಚಿತ ವ್ಯಕ್ತಿಯಿಂದ ವಂಚನೆಗೊಳಗಾದ ವೃದ್ಧ ಕೃಷ್ಣಪ್ಪ ಬೀದಿಪಾಲಾಗಿದ್ದಾರೆ.

ಲಾಕ್‌ಡೌನ್‌ನಿಂದಾಗಿ ಊರಿಗೆ ಮರಳಲು ಸಾಧ್ಯವಾಗದೆ ರೈಲು ನಿಲ್ದಾಣದ ಬಳಿ ಆಶ್ರಯ ಪಡೆದಿದ್ದಾರೆ. ಸಾರ್ವಜನಿಕರು ನೀಡುವ ಆಹಾರವೇ ಅವರಿಗೆ ಆಧಾರವಾಗಿದೆ.

ಪ್ರೀತಿ ಆಹಾರ ಅಭಿಯಾನದ ಸ್ವಯಂ ಸೇವಕರು ಅವರಿಗೆ ನೆರವು ನೀಡಿದ್ದು, ಊರಿಗೆ ಕಳುಹಿಸುವ ವ್ಯವಸ್ಥೆ ಮಾಡುವುದಾಗಿ ತಿಳಿಸಿದ್ದಾರೆ.

ಮೈಸೂರು,ಮಾ.24(ವೈಡಿಎಸ್)- ಕೆಲಸ ಕೊಡಿಸುವುದಾಗಿ ನಂಬಿಸಿ ಕರೆತಂದ ಅಪರಿಚಿತ ವ್ಯಕ್ತಿಯಿಂದ ವಂಚನೆಗೊಳಗಾದ ವೃದ್ಧ ಕೃಷ್ಣಪ್ಪ ಬೀದಿಪಾಲಾಗಿದ್ದಾರೆ.

ನೀವು ಇಲ್ಲೇ ಇರಿ, ನಾನು ಬರುತ್ತೇನೆ ಎಂದು ಹೇಳಿ ಹೋದ ವ್ಯಕ್ತಿ ಮತ್ತೆ ಹಿಂತಿರುಗಲಿಲ್ಲ ಎಂದು ಕೃಷ್ಣಪ್ಪ ಅಳಲು ತೋಡಿಕೊಂಡರು.

ಲಾಕ್‌ಡೌನ್‌ಗೆ ಭಯ
ಬೇಡ: ಕೃಷಿ ಸಚಿವ

ಬೆಂಗಳೂರು, ಮಾ.24- ಕೊರೊನಾ ವೈರಸ್ ಹರಡದಂತೆ ರಾಜ್ಯದಲ್ಲಿ ಘೋಷಿಸಿರುವ ಲಾಕ್‌ಡೌನ್ ಬಗ್ಗೆ ರೈತರು ಭಯಪಡುವ ಅಗತ್ಯವಿಲ್ಲ ಎಂದು ಕೃಷಿ ಸಚಿವ ಬಿ.ಸಿ.ಪಾಟೀಲ್

ಕೃಷಿ ಉತ್ಪನ್ನಗಳ ಸಾಗಣೆ ಹಾಗೂ ಮಾರಾಟಕ್ಕೆ ಯಾವುದೇ ಅಡ್ಡಿ ಇಲ್ಲ. ರಸಗೊಬ್ಬರ, ಬಿತ್ತನೆ ಬೀಜ ಮಾರಾಟ ಮಳಿಗೆಗಳು ತೆರೆದಿರುತ್ತವೆ ಎಂದು ಸ್ಪಷ್ಟಪಡಿಸಿದ್ದಾರೆ.

ಬೆಂಗಳೂರು, ಮಾ.24- ಕೊರೊನಾ ವೈರಸ್ ಹರಡದಂತೆ ರಾಜ್ಯದಲ್ಲಿ ಘೋಷಿಸಿರುವ ಲಾಕ್‌ಡೌನ್ ಬಗ್ಗೆ ರೈತರು ಭಯಪಡುವ ಅಗತ್ಯವಿಲ್ಲ ಎಂದು ಕೃಷಿ ಸಚಿವ ಬಿ.ಸಿ.ಪಾಟೀಲ್ ತಿಳಿಸಿದ್ದಾರೆ.
